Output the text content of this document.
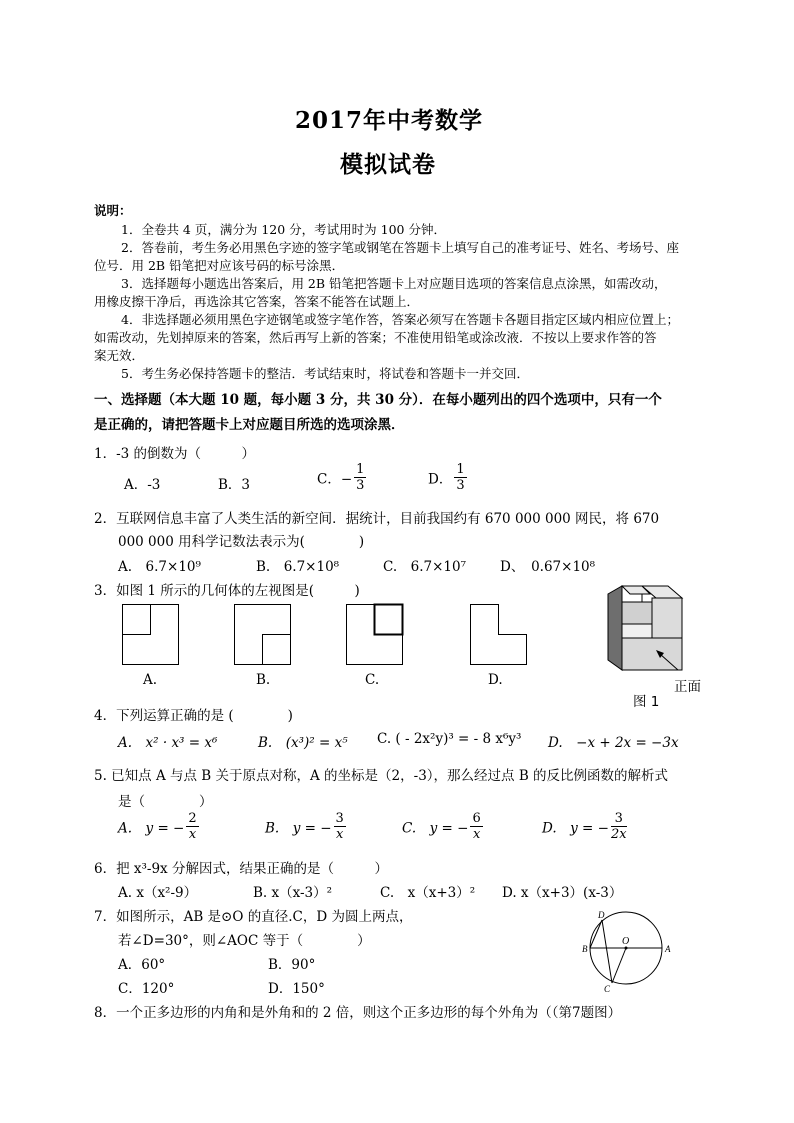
2017年中考数学
模拟试卷
说明：
1．全卷共 4 页，满分为 120 分，考试用时为 100 分钟．
2．答卷前，考生务必用黑色字迹的签字笔或钢笔在答题卡上填写自己的准考证号、姓名、考场号、座
位号．用 2B 铅笔把对应该号码的标号涂黑．
3．选择题每小题选出答案后，用 2B 铅笔把答题卡上对应题目选项的答案信息点涂黑，如需改动，
用橡皮擦干净后，再选涂其它答案，答案不能答在试题上．
4．非选择题必须用黑色字迹钢笔或签字笔作答，答案必须写在答题卡各题目指定区域内相应位置上；
如需改动，先划掉原来的答案，然后再写上新的答案；不准使用铅笔或涂改液．不按以上要求作答的答
案无效．
5．考生务必保持答题卡的整洁．考试结束时，将试卷和答题卡一并交回．
一、选择题（本大题 10 题，每小题 3 分，共 30 分）．在每小题列出的四个选项中，只有一个
是正确的，请把答题卡上对应题目所选的选项涂黑．
1．-3 的倒数为（　　　）
A．-3	B．3	C．− $\frac{1}{3}$	D． $\frac{1}{3}$
2．互联网信息丰富了人类生活的新空间．据统计，目前我国约有 670 000 000 网民，将 670
000 000 用科学记数法表示为(　　　　)
A.　6.7×10⁹	B.　6.7×10⁸	C.　6.7×10⁷	D、　0.67×10⁸
3．如图 1 所示的几何体的左视图是(　　　)
A.	B.	C.	D.	正面
图 1
4．下列运算正确的是 (　　　　)
A.　x² · x³ = x⁶	B.　(x³)² = x⁵ C. ( - 2x²y)³ = - 8 x⁶y³ D.　−x + 2x = −3x
5. 已知点 A 与点 B 关于原点对称，A 的坐标是（2，-3），那么经过点 B 的反比例函数的解析式
是（　　　　）
A.　y = − $\frac{2}{x}$	B.　y = − $\frac{3}{x}$	C.　y = − $\frac{6}{x}$	D.　y = − $\frac{3}{2x}$
6．把 x³-9x 分解因式，结果正确的是（　　　）
A. x（x²-9）	B. x（x-3）²	C.　x（x+3）² D. x（x+3）(x-3）
7．如图所示，AB 是⊙O 的直径.C，D 为圆上两点，
若∠D=30°，则∠AOC 等于（　　　　）
A．60°	B．90°
C．120°	D．150°
D
O
B	A
C
8．一个正多边形的内角和是外角和的 2 倍，则这个正多边形的每个外角为（（第7题图）
